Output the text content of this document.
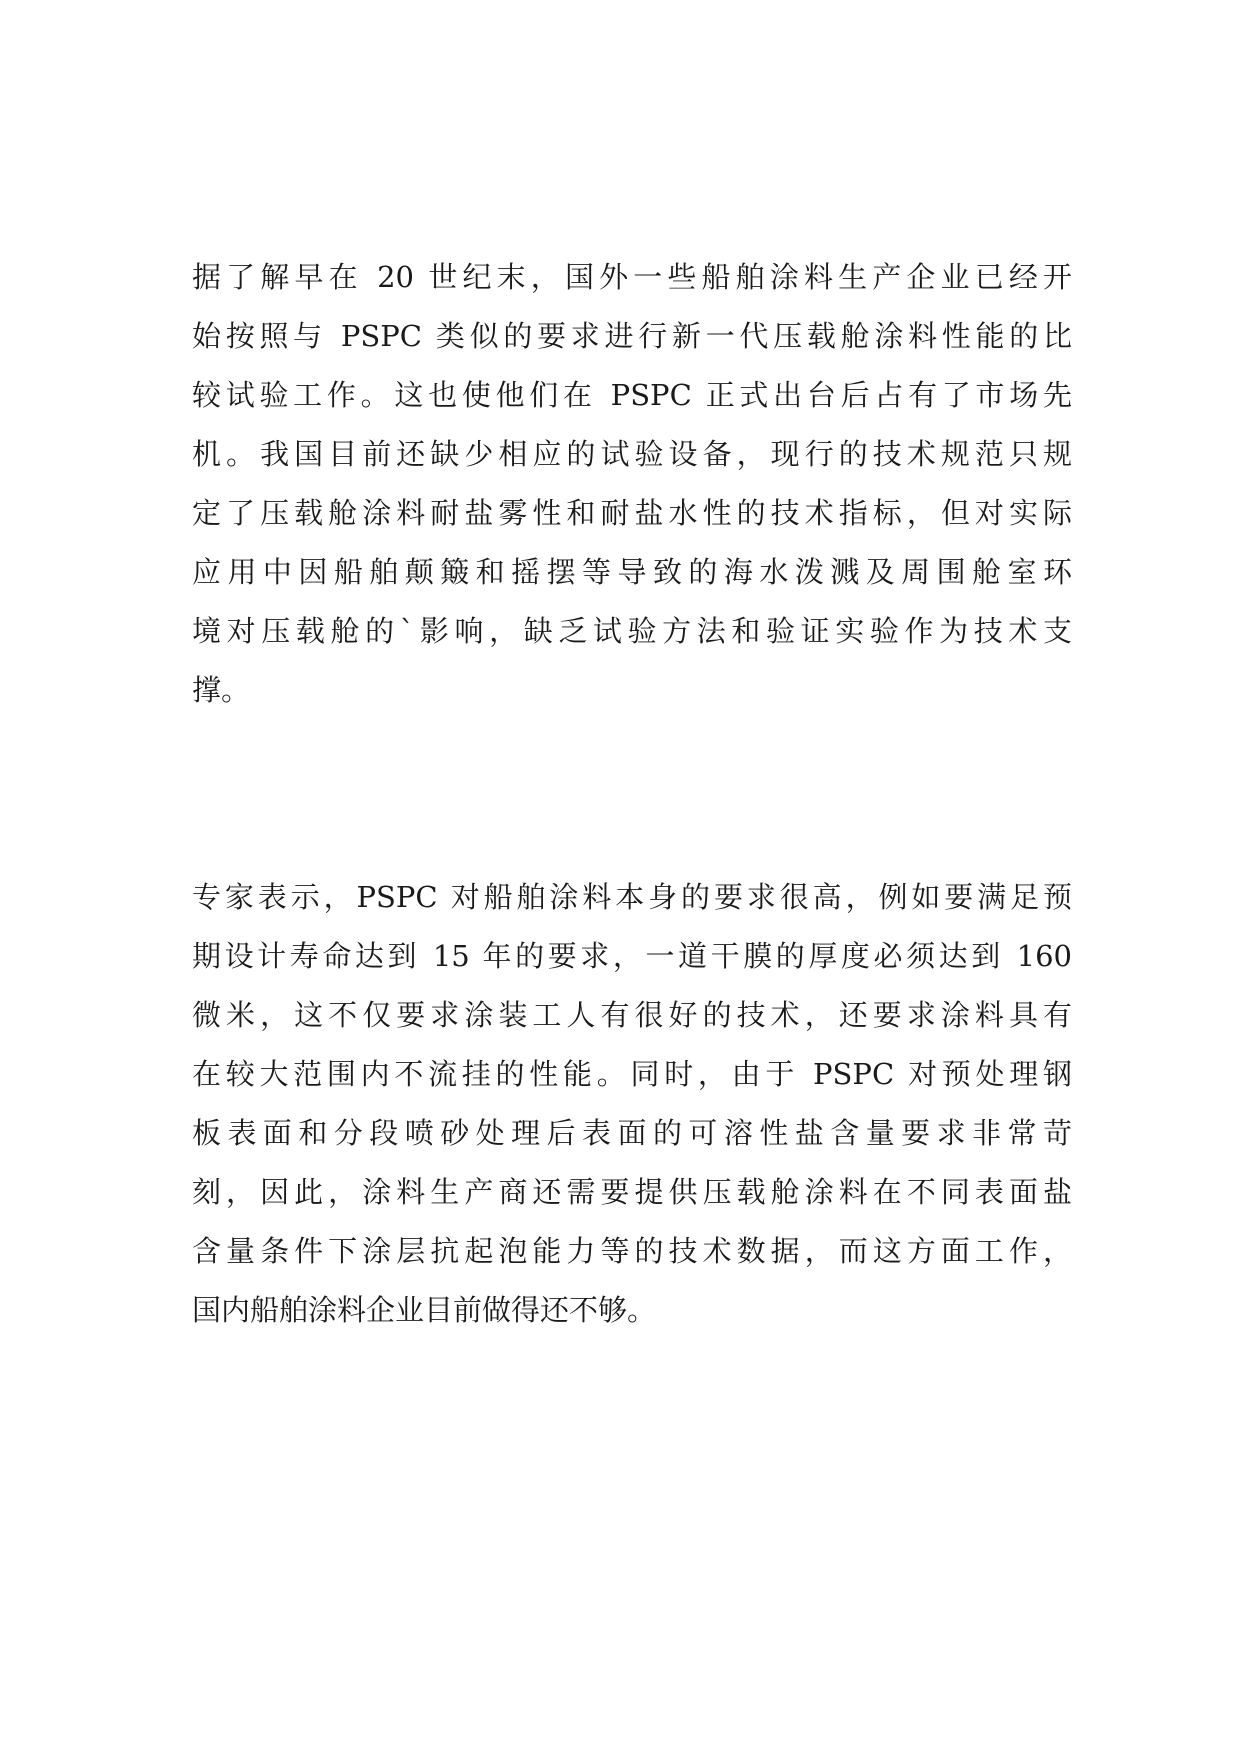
据了解早在 20 世纪末，国外一些船舶涂料生产企业已经开
始按照与 PSPC 类似的要求进行新一代压载舱涂料性能的比
较试验工作。这也使他们在 PSPC 正式出台后占有了市场先
机。我国目前还缺少相应的试验设备，现行的技术规范只规
定了压载舱涂料耐盐雾性和耐盐水性的技术指标，但对实际
应用中因船舶颠簸和摇摆等导致的海水泼溅及周围舱室环
境对压载舱的`影响，缺乏试验方法和验证实验作为技术支
撑。
专家表示，PSPC 对船舶涂料本身的要求很高，例如要满足预
期设计寿命达到 15 年的要求，一道干膜的厚度必须达到 160
微米，这不仅要求涂装工人有很好的技术，还要求涂料具有
在较大范围内不流挂的性能。同时，由于 PSPC 对预处理钢
板表面和分段喷砂处理后表面的可溶性盐含量要求非常苛
刻，因此，涂料生产商还需要提供压载舱涂料在不同表面盐
含量条件下涂层抗起泡能力等的技术数据，而这方面工作，
国内船舶涂料企业目前做得还不够。
